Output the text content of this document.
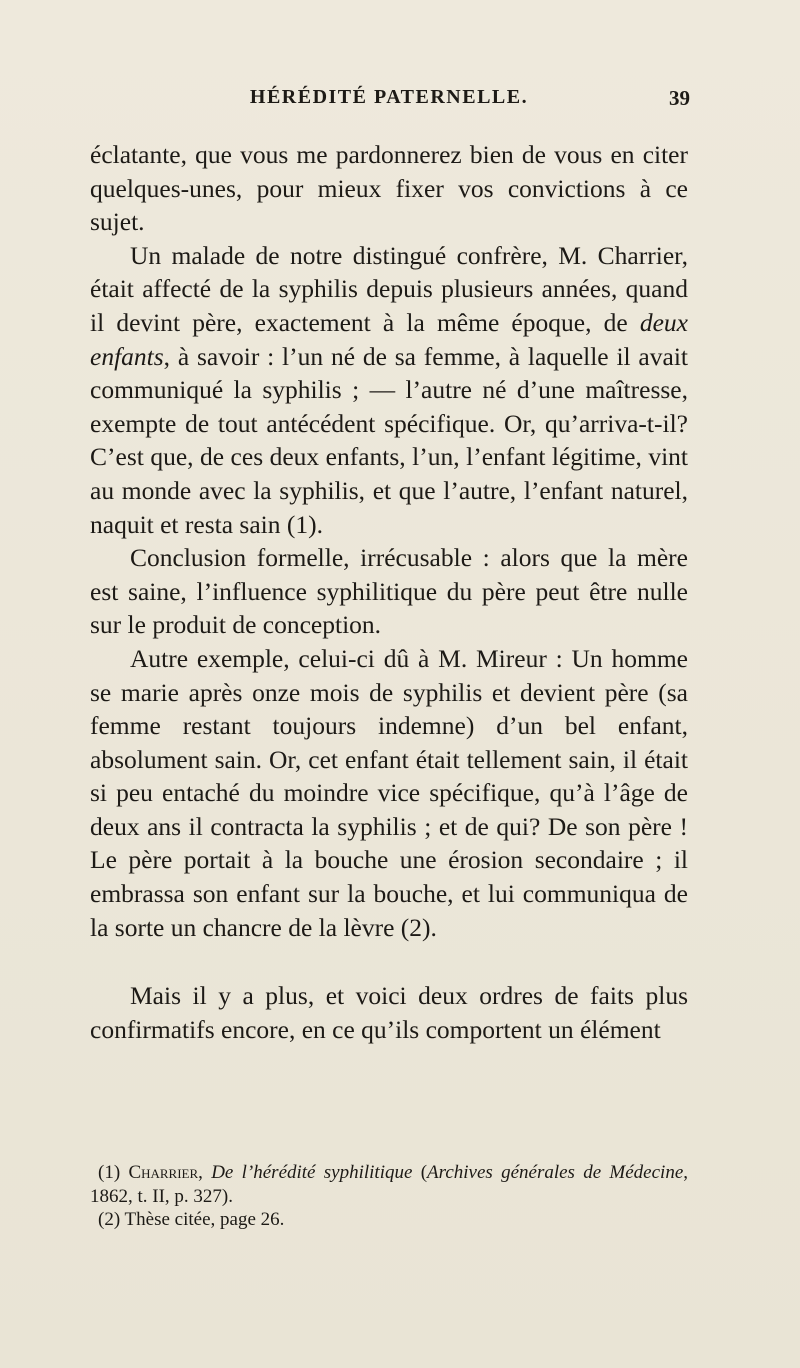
HÉRÉDITÉ PATERNELLE.	39

éclatante, que vous me pardonnerez bien de vous en citer quelques-unes, pour mieux fixer vos convictions à ce sujet.

Un malade de notre distingué confrère, M. Charrier, était affecté de la syphilis depuis plusieurs années, quand il devint père, exactement à la même époque, de deux enfants, à savoir : l’un né de sa femme, à laquelle il avait communiqué la syphilis ; — l’autre né d’une maîtresse, exempte de tout antécédent spécifique. Or, qu’arriva-t-il? C’est que, de ces deux enfants, l’un, l’enfant légitime, vint au monde avec la syphilis, et que l’autre, l’enfant naturel, naquit et resta sain (1).

Conclusion formelle, irrécusable : alors que la mère est saine, l’influence syphilitique du père peut être nulle sur le produit de conception.

Autre exemple, celui-ci dû à M. Mireur : Un homme se marie après onze mois de syphilis et devient père (sa femme restant toujours indemne) d’un bel enfant, absolument sain. Or, cet enfant était tellement sain, il était si peu entaché du moindre vice spécifique, qu’à l’âge de deux ans il contracta la syphilis ; et de qui? De son père ! Le père portait à la bouche une érosion secondaire ; il embrassa son enfant sur la bouche, et lui communiqua de la sorte un chancre de la lèvre (2).

Mais il y a plus, et voici deux ordres de faits plus confirmatifs encore, en ce qu’ils comportent un élément

(1) Charrier, De l’hérédité syphilitique (Archives générales de Médecine, 1862, t. II, p. 327).

(2) Thèse citée, page 26.
